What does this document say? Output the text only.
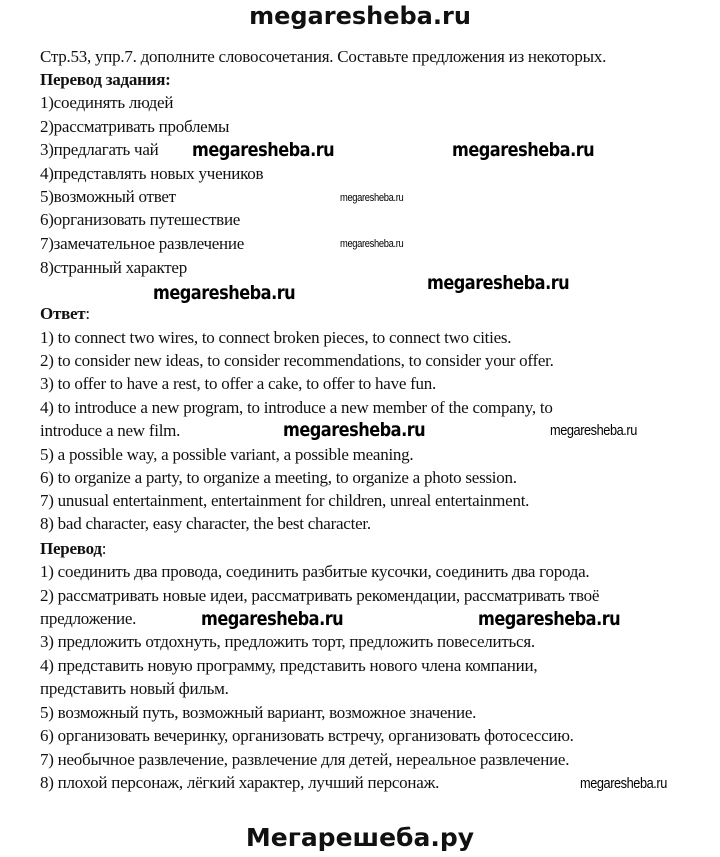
megaresheba.ru
Стр.53, упр.7. дополните словосочетания. Составьте предложения из некоторых.
Перевод задания:
1)соединять людей
2)рассматривать проблемы
3)предлагать чай
4)представлять новых учеников
5)возможный ответ
6)организовать путешествие
7)замечательное развлечение
8)странный характер
Ответ:
1) to connect two wires, to connect broken pieces, to connect two cities.
2) to consider new ideas, to consider recommendations, to consider your offer.
3) to offer to have a rest, to offer a cake, to offer to have fun.
4) to introduce a new program, to introduce a new member of the company, to
introduce a new film.
5) a possible way, a possible variant, a possible meaning.
6) to organize a party, to organize a meeting, to organize a photo session.
7) unusual entertainment, entertainment for children, unreal entertainment.
8) bad character, easy character, the best character.
Перевод:
1) соединить два провода, соединить разбитые кусочки, соединить два города.
2) рассматривать новые идеи, рассматривать рекомендации, рассматривать твоё
предложение.
3) предложить отдохнуть, предложить торт, предложить повеселиться.
4) представить новую программу, представить нового члена компании,
представить новый фильм.
5) возможный путь, возможный вариант, возможное значение.
6) организовать вечеринку, организовать встречу, организовать фотосессию.
7) необычное развлечение, развлечение для детей, нереальное развлечение.
8) плохой персонаж, лёгкий характер, лучший персонаж.
megaresheba.ru	megaresheba.ru
megaresheba.ru	megaresheba.ru
megaresheba.ru	megaresheba.ru
megaresheba.ru	megaresheba.ru
megaresheba.ru
megaresheba.ru
megaresheba.ru
Мегарешеба.ру
